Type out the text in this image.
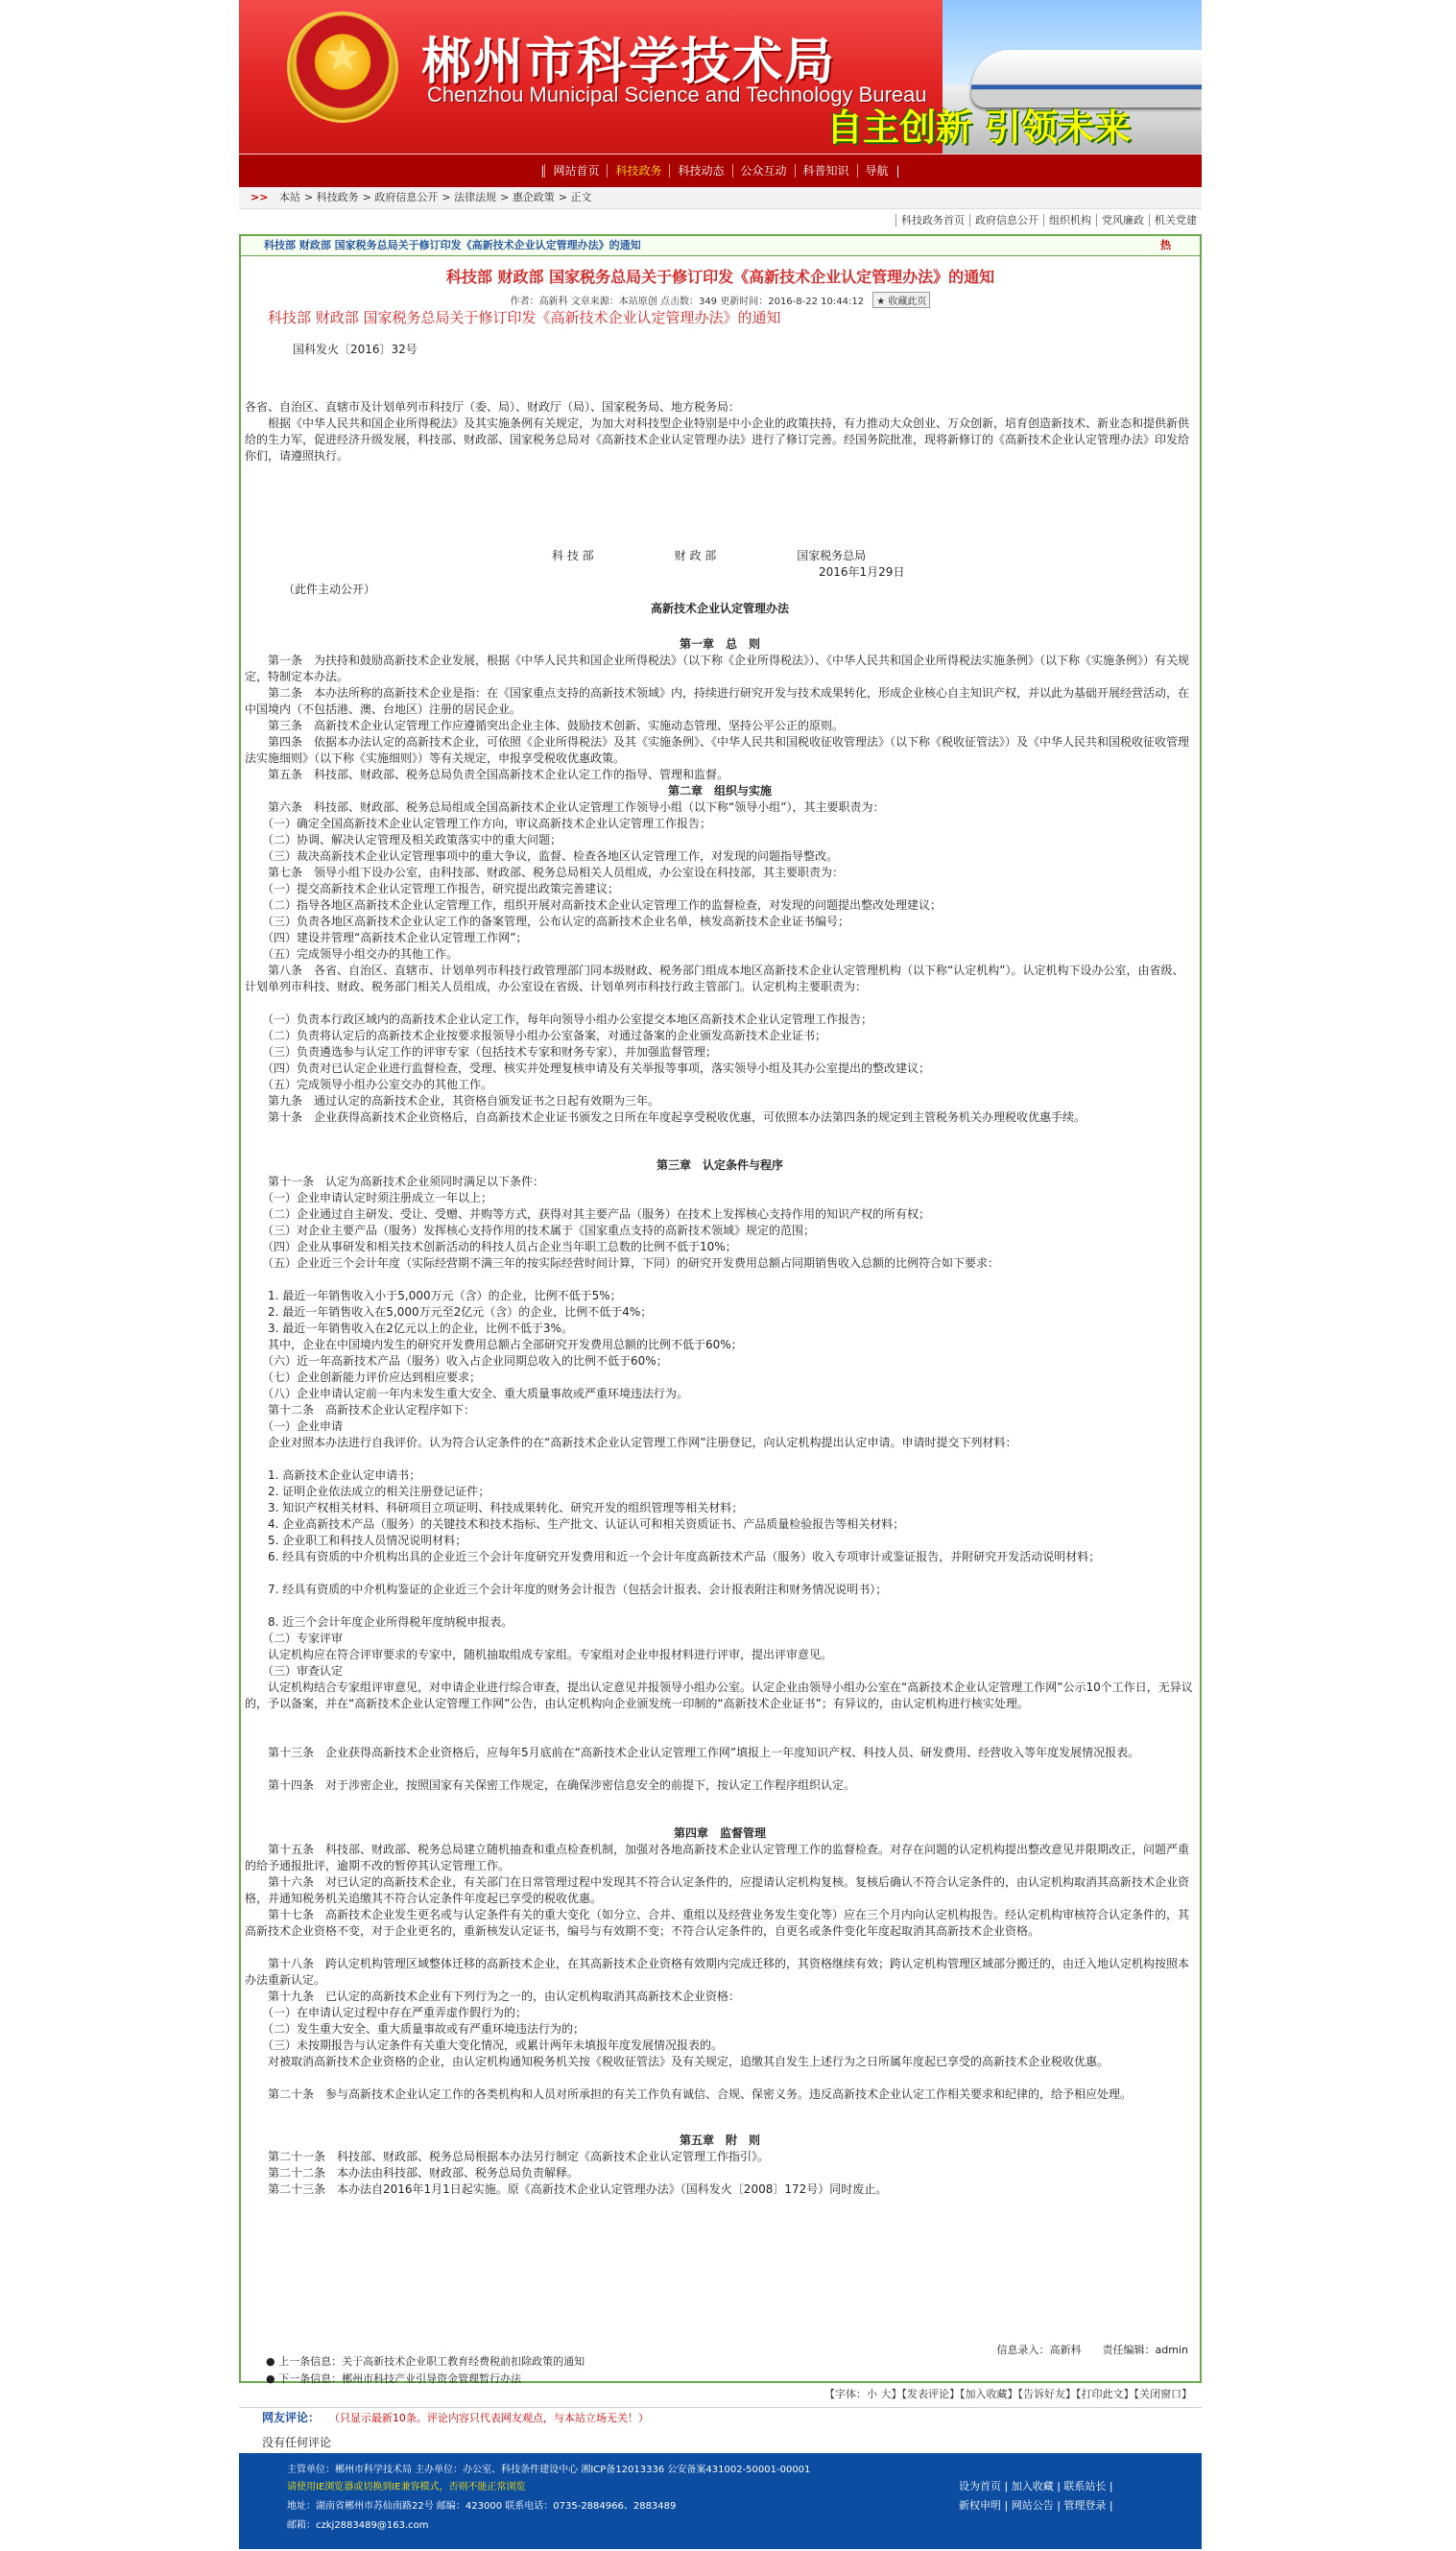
★
郴州市科学技术局
Chenzhou Municipal Science and Technology Bureau
自主创新 引领未来
| 网站首页	科技政务	科技动态	公众互动	科普知识	导航 |
>> 本站 > 科技政务 > 政府信息公开 > 法律法规 > 惠企政策 > 正文
科技政务首页 政府信息公开 组织机构 党风廉政 机关党建
科技部 财政部 国家税务总局关于修订印发《高新技术企业认定管理办法》的通知	热
科技部 财政部 国家税务总局关于修订印发《高新技术企业认定管理办法》的通知
作者：高新科 文章来源：本站原创 点击数：349 更新时间：2016-8-22 10:44:12 ★ 收藏此页
科技部 财政部 国家税务总局关于修订印发《高新技术企业认定管理办法》的通知

国科发火〔2016〕32号

各省、自治区、直辖市及计划单列市科技厅（委、局）、财政厅（局）、国家税务局、地方税务局：

　　根据《中华人民共和国企业所得税法》及其实施条例有关规定，为加大对科技型企业特别是中小企业的政策扶持，有力推动大众创业、万众创新，培育创造新技术、新业态和提供新供给的生力军，促进经济升级发展，科技部、财政部、国家税务总局对《高新技术企业认定管理办法》进行了修订完善。经国务院批准，现将新修订的《高新技术企业认定管理办法》印发给你们，请遵照执行。

科 技 部　　　　　　　财 政 部　　　　　　　国家税务总局

2016年1月29日

（此件主动公开）

高新技术企业认定管理办法

第一章　总　则

　　第一条　为扶持和鼓励高新技术企业发展，根据《中华人民共和国企业所得税法》（以下称《企业所得税法》）、《中华人民共和国企业所得税法实施条例》（以下称《实施条例》）有关规定，特制定本办法。

　　第二条　本办法所称的高新技术企业是指：在《国家重点支持的高新技术领域》内，持续进行研究开发与技术成果转化，形成企业核心自主知识产权，并以此为基础开展经营活动，在中国境内（不包括港、澳、台地区）注册的居民企业。

　　第三条　高新技术企业认定管理工作应遵循突出企业主体、鼓励技术创新、实施动态管理、坚持公平公正的原则。

　　第四条　依据本办法认定的高新技术企业，可依照《企业所得税法》及其《实施条例》、《中华人民共和国税收征收管理法》（以下称《税收征管法》）及《中华人民共和国税收征收管理法实施细则》（以下称《实施细则》）等有关规定，申报享受税收优惠政策。

　　第五条　科技部、财政部、税务总局负责全国高新技术企业认定工作的指导、管理和监督。

第二章　组织与实施

　　第六条　科技部、财政部、税务总局组成全国高新技术企业认定管理工作领导小组（以下称“领导小组”），其主要职责为：

　　（一）确定全国高新技术企业认定管理工作方向，审议高新技术企业认定管理工作报告；

　　（二）协调、解决认定管理及相关政策落实中的重大问题；

　　（三）裁决高新技术企业认定管理事项中的重大争议，监督、检查各地区认定管理工作，对发现的问题指导整改。

　　第七条　领导小组下设办公室，由科技部、财政部、税务总局相关人员组成，办公室设在科技部，其主要职责为：

　　（一）提交高新技术企业认定管理工作报告，研究提出政策完善建议；

　　（二）指导各地区高新技术企业认定管理工作，组织开展对高新技术企业认定管理工作的监督检查，对发现的问题提出整改处理建议；

　　（三）负责各地区高新技术企业认定工作的备案管理，公布认定的高新技术企业名单，核发高新技术企业证书编号；

　　（四）建设并管理“高新技术企业认定管理工作网”；

　　（五）完成领导小组交办的其他工作。

　　第八条　各省、自治区、直辖市、计划单列市科技行政管理部门同本级财政、税务部门组成本地区高新技术企业认定管理机构（以下称“认定机构”）。认定机构下设办公室，由省级、计划单列市科技、财政、税务部门相关人员组成，办公室设在省级、计划单列市科技行政主管部门。认定机构主要职责为：

　　（一）负责本行政区域内的高新技术企业认定工作，每年向领导小组办公室提交本地区高新技术企业认定管理工作报告；

　　（二）负责将认定后的高新技术企业按要求报领导小组办公室备案，对通过备案的企业颁发高新技术企业证书；

　　（三）负责遴选参与认定工作的评审专家（包括技术专家和财务专家），并加强监督管理；

　　（四）负责对已认定企业进行监督检查，受理、核实并处理复核申请及有关举报等事项，落实领导小组及其办公室提出的整改建议；

　　（五）完成领导小组办公室交办的其他工作。

　　第九条　通过认定的高新技术企业，其资格自颁发证书之日起有效期为三年。

　　第十条　企业获得高新技术企业资格后，自高新技术企业证书颁发之日所在年度起享受税收优惠，可依照本办法第四条的规定到主管税务机关办理税收优惠手续。

第三章　认定条件与程序

　　第十一条　认定为高新技术企业须同时满足以下条件：

　　（一）企业申请认定时须注册成立一年以上；

　　（二）企业通过自主研发、受让、受赠、并购等方式，获得对其主要产品（服务）在技术上发挥核心支持作用的知识产权的所有权；

　　（三）对企业主要产品（服务）发挥核心支持作用的技术属于《国家重点支持的高新技术领域》规定的范围；

　　（四）企业从事研发和相关技术创新活动的科技人员占企业当年职工总数的比例不低于10%；

　　（五）企业近三个会计年度（实际经营期不满三年的按实际经营时间计算，下同）的研究开发费用总额占同期销售收入总额的比例符合如下要求：

　　1. 最近一年销售收入小于5,000万元（含）的企业，比例不低于5%；

　　2. 最近一年销售收入在5,000万元至2亿元（含）的企业，比例不低于4%；

　　3. 最近一年销售收入在2亿元以上的企业，比例不低于3%。

　　其中，企业在中国境内发生的研究开发费用总额占全部研究开发费用总额的比例不低于60%；

　　（六）近一年高新技术产品（服务）收入占企业同期总收入的比例不低于60%；

　　（七）企业创新能力评价应达到相应要求；

　　（八）企业申请认定前一年内未发生重大安全、重大质量事故或严重环境违法行为。

　　第十二条　高新技术企业认定程序如下：

　　（一）企业申请

　　企业对照本办法进行自我评价。认为符合认定条件的在“高新技术企业认定管理工作网”注册登记，向认定机构提出认定申请。申请时提交下列材料：

　　1. 高新技术企业认定申请书；

　　2. 证明企业依法成立的相关注册登记证件；

　　3. 知识产权相关材料、科研项目立项证明、科技成果转化、研究开发的组织管理等相关材料；

　　4. 企业高新技术产品（服务）的关键技术和技术指标、生产批文、认证认可和相关资质证书、产品质量检验报告等相关材料；

　　5. 企业职工和科技人员情况说明材料；

　　6. 经具有资质的中介机构出具的企业近三个会计年度研究开发费用和近一个会计年度高新技术产品（服务）收入专项审计或鉴证报告，并附研究开发活动说明材料；

　　7. 经具有资质的中介机构鉴证的企业近三个会计年度的财务会计报告（包括会计报表、会计报表附注和财务情况说明书）；

　　8. 近三个会计年度企业所得税年度纳税申报表。

　　（二）专家评审

　　认定机构应在符合评审要求的专家中，随机抽取组成专家组。专家组对企业申报材料进行评审，提出评审意见。

　　（三）审查认定

　　认定机构结合专家组评审意见，对申请企业进行综合审查，提出认定意见并报领导小组办公室。认定企业由领导小组办公室在“高新技术企业认定管理工作网”公示10个工作日，无异议的，予以备案，并在“高新技术企业认定管理工作网”公告，由认定机构向企业颁发统一印制的“高新技术企业证书”；有异议的，由认定机构进行核实处理。

　　第十三条　企业获得高新技术企业资格后，应每年5月底前在“高新技术企业认定管理工作网”填报上一年度知识产权、科技人员、研发费用、经营收入等年度发展情况报表。

　　第十四条　对于涉密企业，按照国家有关保密工作规定，在确保涉密信息安全的前提下，按认定工作程序组织认定。

第四章　监督管理

　　第十五条　科技部、财政部、税务总局建立随机抽查和重点检查机制，加强对各地高新技术企业认定管理工作的监督检查。对存在问题的认定机构提出整改意见并限期改正，问题严重的给予通报批评，逾期不改的暂停其认定管理工作。

　　第十六条　对已认定的高新技术企业，有关部门在日常管理过程中发现其不符合认定条件的，应提请认定机构复核。复核后确认不符合认定条件的，由认定机构取消其高新技术企业资格，并通知税务机关追缴其不符合认定条件年度起已享受的税收优惠。

　　第十七条　高新技术企业发生更名或与认定条件有关的重大变化（如分立、合并、重组以及经营业务发生变化等）应在三个月内向认定机构报告。经认定机构审核符合认定条件的，其高新技术企业资格不变，对于企业更名的，重新核发认定证书，编号与有效期不变；不符合认定条件的，自更名或条件变化年度起取消其高新技术企业资格。

　　第十八条　跨认定机构管理区域整体迁移的高新技术企业，在其高新技术企业资格有效期内完成迁移的，其资格继续有效；跨认定机构管理区域部分搬迁的，由迁入地认定机构按照本办法重新认定。

　　第十九条　已认定的高新技术企业有下列行为之一的，由认定机构取消其高新技术企业资格：

　　（一）在申请认定过程中存在严重弄虚作假行为的；

　　（二）发生重大安全、重大质量事故或有严重环境违法行为的；

　　（三）未按期报告与认定条件有关重大变化情况，或累计两年未填报年度发展情况报表的。

　　对被取消高新技术企业资格的企业，由认定机构通知税务机关按《税收征管法》及有关规定，追缴其自发生上述行为之日所属年度起已享受的高新技术企业税收优惠。

　　第二十条　参与高新技术企业认定工作的各类机构和人员对所承担的有关工作负有诚信、合规、保密义务。违反高新技术企业认定工作相关要求和纪律的，给予相应处理。

第五章　附　则

　　第二十一条　科技部、财政部、税务总局根据本办法另行制定《高新技术企业认定管理工作指引》。

　　第二十二条　本办法由科技部、财政部、税务总局负责解释。

　　第二十三条　本办法自2016年1月1日起实施。原《高新技术企业认定管理办法》（国科发火〔2008〕172号）同时废止。

信息录入：高新科　　责任编辑：admin
● 上一条信息：关于高新技术企业职工教育经费税前扣除政策的通知
● 下一条信息：郴州市科技产业引导资金管理暂行办法
【字体：小 大】【发表评论】【加入收藏】【告诉好友】【打印此文】【关闭窗口】
网友评论： （只显示最新10条。评论内容只代表网友观点，与本站立场无关！）
没有任何评论
主管单位：郴州市科学技术局 主办单位：办公室、科技条件建设中心 湘ICP备12013336 公安备案431002-50001-00001
请使用IE浏览器或切换到IE兼容模式，否则不能正常浏览
地址：湖南省郴州市苏仙南路22号 邮编：423000 联系电话：0735-2884966、2883489
邮箱：czkj2883489@163.com
设为首页 | 加入收藏 | 联系站长 |
新权申明 | 网站公告 | 管理登录 |
